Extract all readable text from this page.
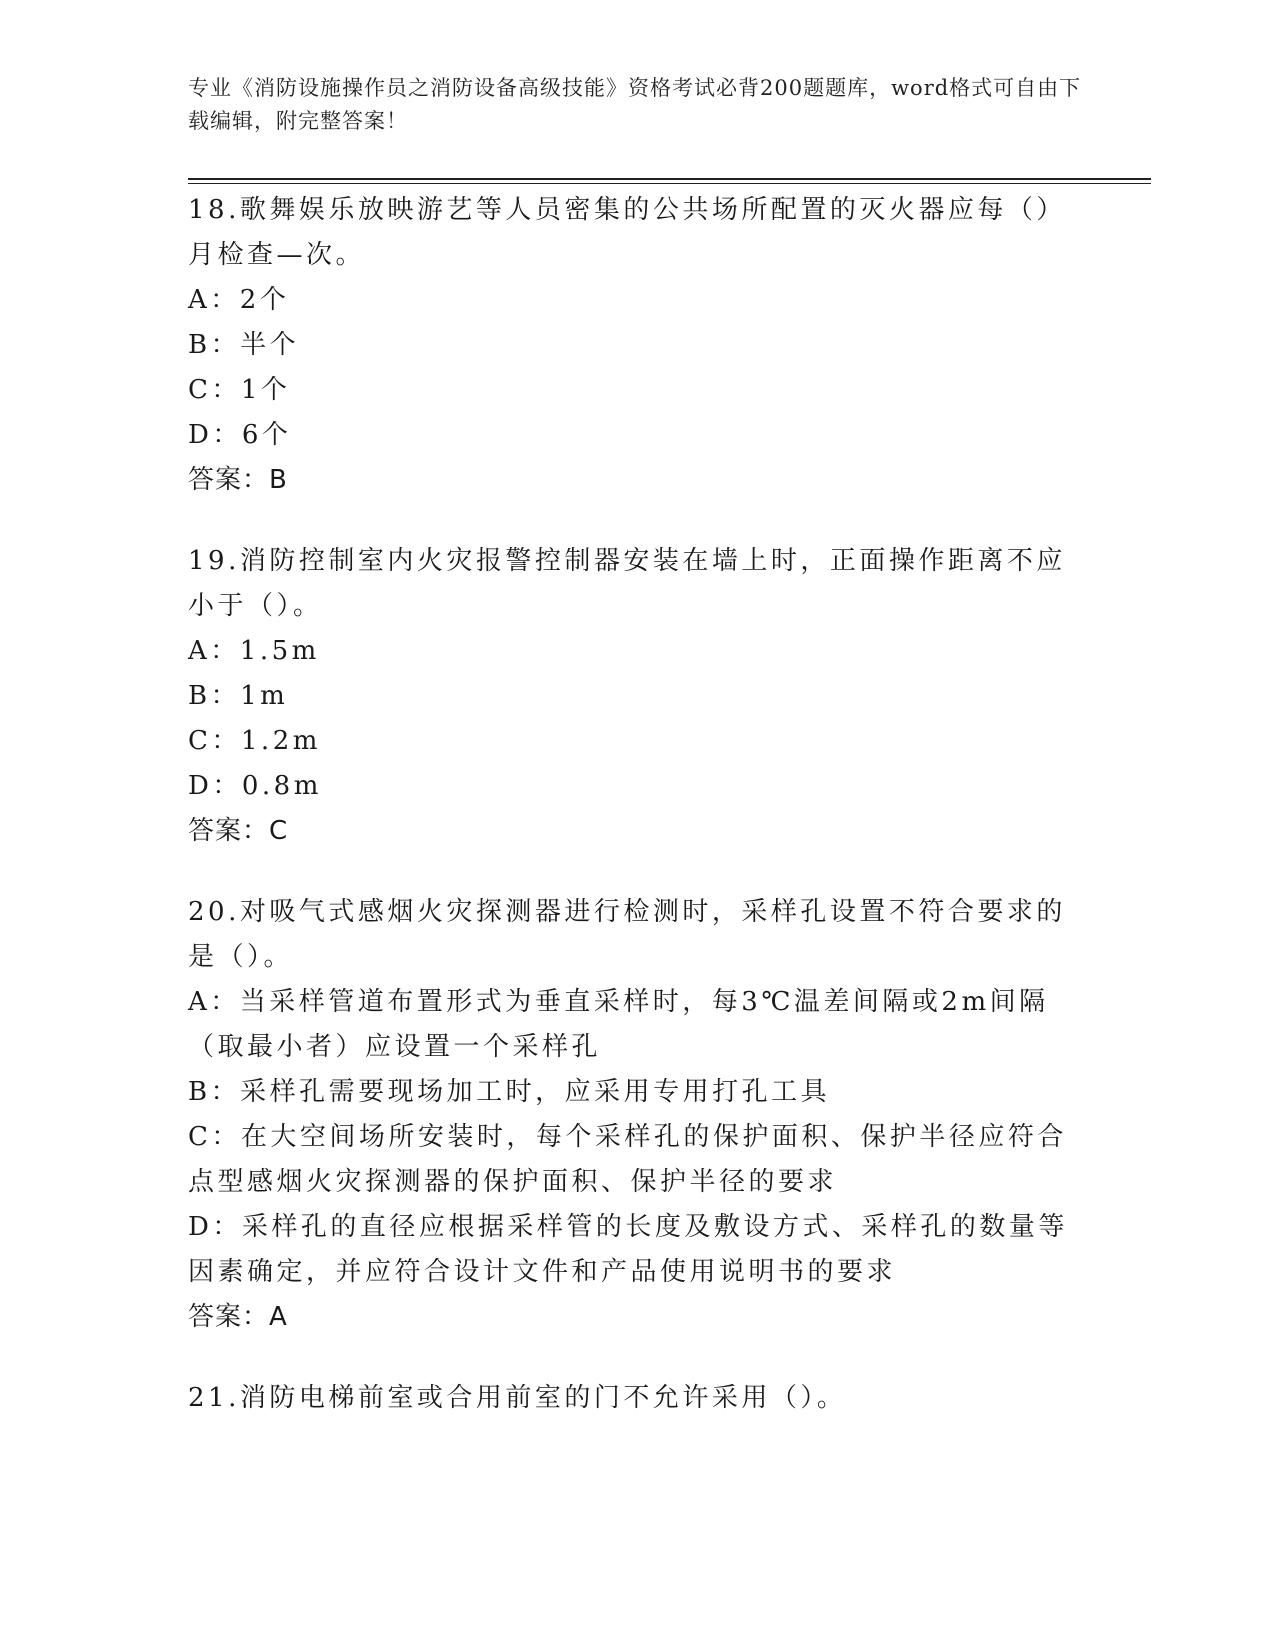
专业《消防设施操作员之消防设备高级技能》资格考试必背200题题库，word格式可自由下载编辑，附完整答案！

18.歌舞娱乐放映游艺等人员密集的公共场所配置的灭火器应每（）月检查—次。

A：2个

B：半个

C：1个

D：6个

答案：B

19.消防控制室内火灾报警控制器安装在墙上时，正面操作距离不应小于（）。

A：1.5m

B：1m

C：1.2m

D：0.8m

答案：C

20.对吸气式感烟火灾探测器进行检测时，采样孔设置不符合要求的是（）。

A：当采样管道布置形式为垂直采样时，每3℃温差间隔或2m间隔（取最小者）应设置一个采样孔

B：采样孔需要现场加工时，应采用专用打孔工具

C：在大空间场所安装时，每个采样孔的保护面积、保护半径应符合点型感烟火灾探测器的保护面积、保护半径的要求

D：采样孔的直径应根据采样管的长度及敷设方式、采样孔的数量等因素确定，并应符合设计文件和产品使用说明书的要求

答案：A

21.消防电梯前室或合用前室的门不允许采用（）。
